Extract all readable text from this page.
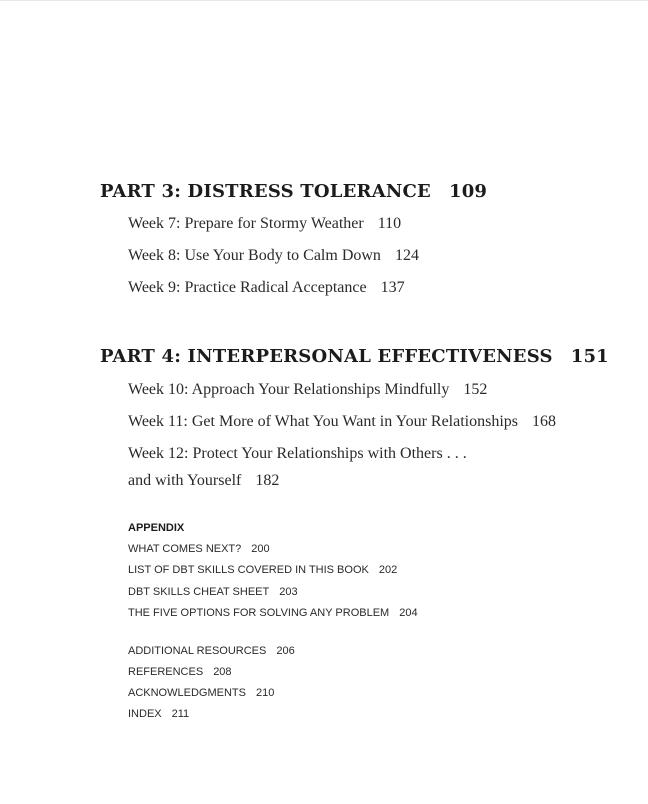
PART 3: DISTRESS TOLERANCE 109
Week 7: Prepare for Stormy Weather 110
Week 8: Use Your Body to Calm Down 124
Week 9: Practice Radical Acceptance 137
PART 4: INTERPERSONAL EFFECTIVENESS 151
Week 10: Approach Your Relationships Mindfully 152
Week 11: Get More of What You Want in Your Relationships 168
Week 12: Protect Your Relationships with Others . . .
and with Yourself 182
APPENDIX
WHAT COMES NEXT? 200
LIST OF DBT SKILLS COVERED IN THIS BOOK 202
DBT SKILLS CHEAT SHEET 203
THE FIVE OPTIONS FOR SOLVING ANY PROBLEM 204
ADDITIONAL RESOURCES 206
REFERENCES 208
ACKNOWLEDGMENTS 210
INDEX 211
